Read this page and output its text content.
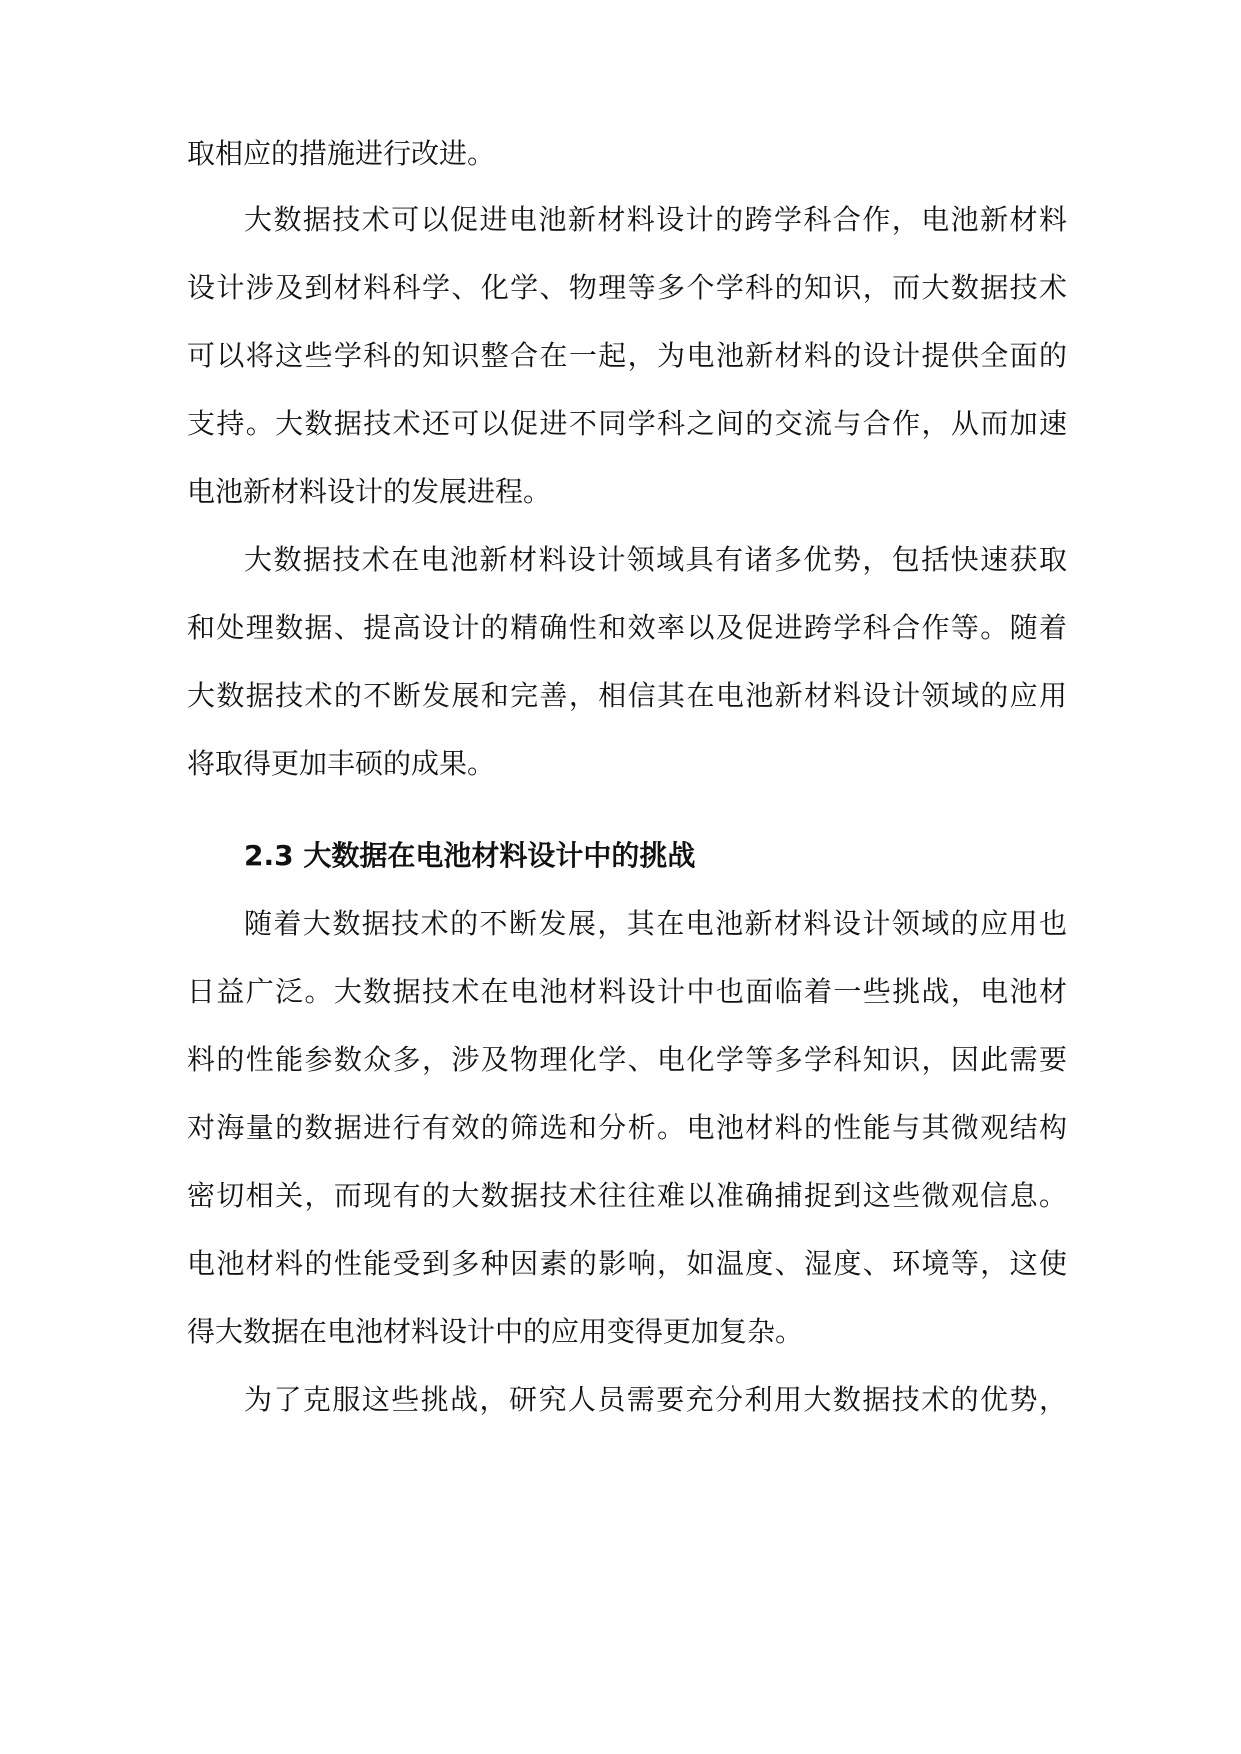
取相应的措施进行改进。
大数据技术可以促进电池新材料设计的跨学科合作，电池新材料
设计涉及到材料科学、化学、物理等多个学科的知识，而大数据技术
可以将这些学科的知识整合在一起，为电池新材料的设计提供全面的
支持。大数据技术还可以促进不同学科之间的交流与合作，从而加速
电池新材料设计的发展进程。
大数据技术在电池新材料设计领域具有诸多优势，包括快速获取
和处理数据、提高设计的精确性和效率以及促进跨学科合作等。随着
大数据技术的不断发展和完善，相信其在电池新材料设计领域的应用
将取得更加丰硕的成果。
2.3 大数据在电池材料设计中的挑战
随着大数据技术的不断发展，其在电池新材料设计领域的应用也
日益广泛。大数据技术在电池材料设计中也面临着一些挑战，电池材
料的性能参数众多，涉及物理化学、电化学等多学科知识，因此需要
对海量的数据进行有效的筛选和分析。电池材料的性能与其微观结构
密切相关，而现有的大数据技术往往难以准确捕捉到这些微观信息。
电池材料的性能受到多种因素的影响，如温度、湿度、环境等，这使
得大数据在电池材料设计中的应用变得更加复杂。
为了克服这些挑战，研究人员需要充分利用大数据技术的优势，
